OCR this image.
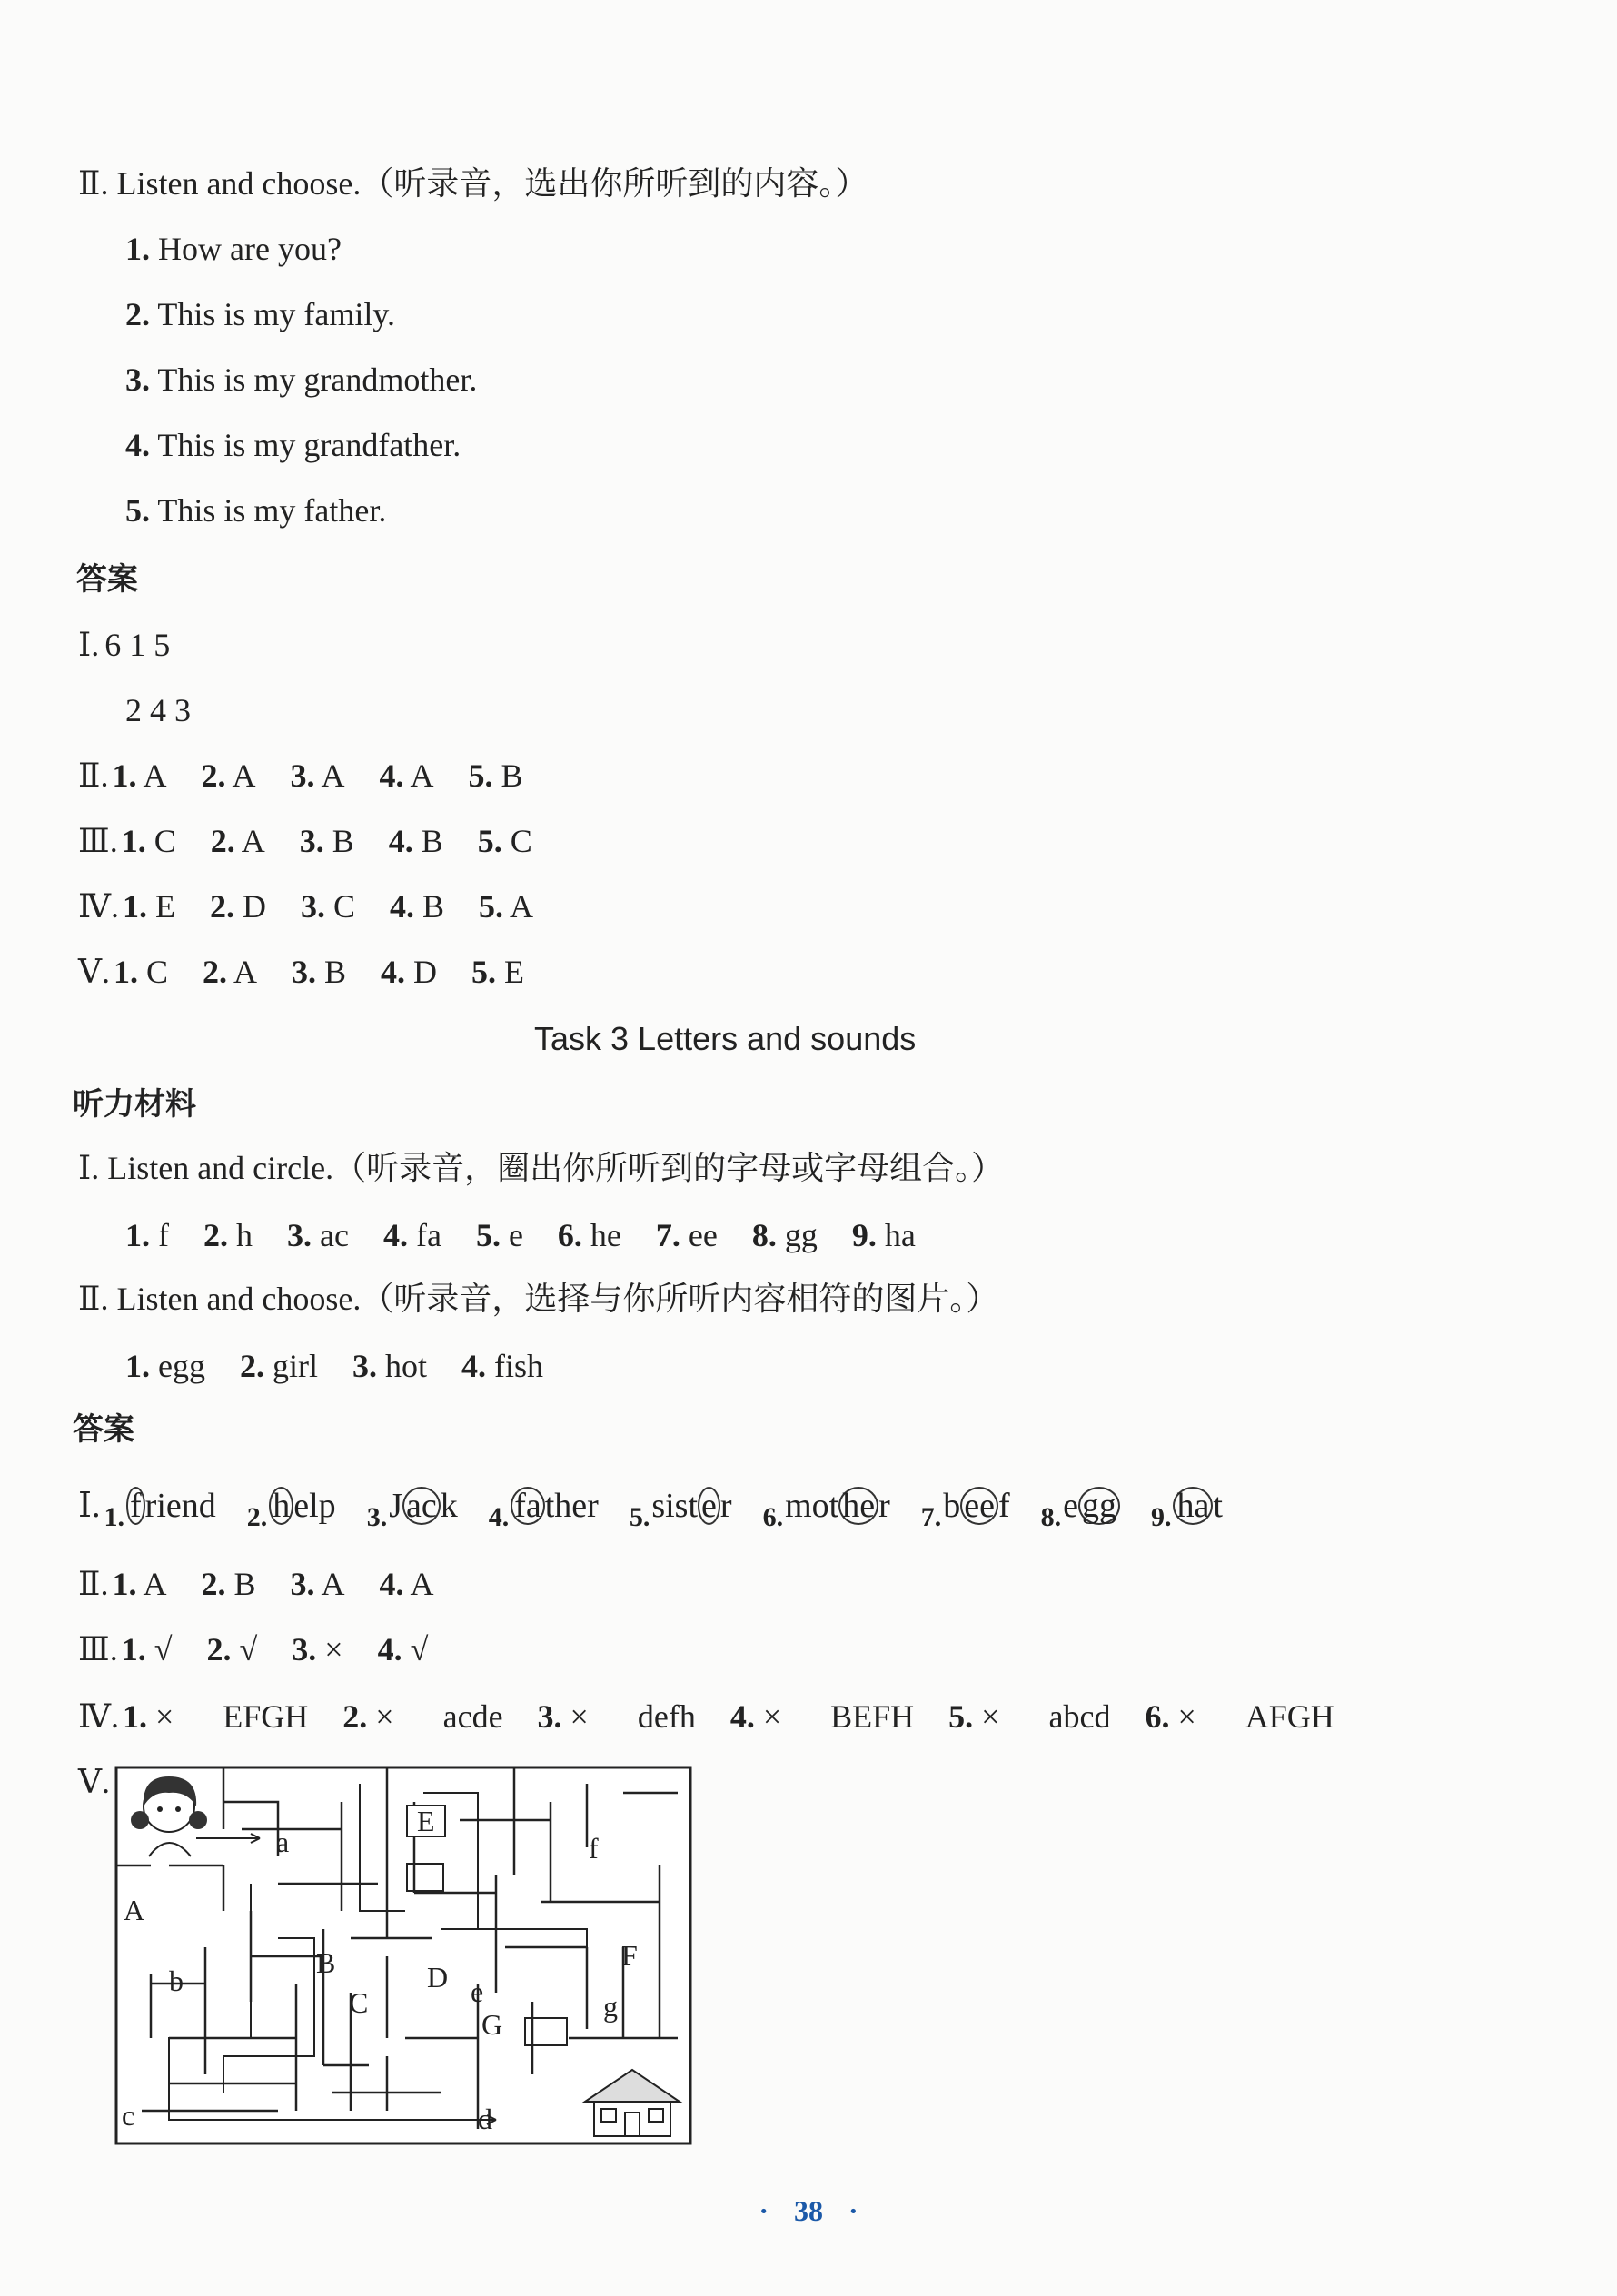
Ⅱ. Listen and choose.（听录音，选出你所听到的内容。）
1. How are you?
2. This is my family.
3. This is my grandmother.
4. This is my grandfather.
5. This is my father.
答案
Ⅰ. 6 1 5
2 4 3
Ⅱ. 1. A 2. A 3. A 4. A 5. B
Ⅲ. 1. C 2. A 3. B 4. B 5. C
Ⅳ. 1. E 2. D 3. C 4. B 5. A
Ⅴ. 1. C 2. A 3. B 4. D 5. E
Task 3 Letters and sounds
听力材料
Ⅰ. Listen and circle.（听录音，圈出你所听到的字母或字母组合。）
1. f 2. h 3. ac 4. fa 5. e 6. he 7. ee 8. gg 9. ha
Ⅱ. Listen and choose.（听录音，选择与你所听内容相符的图片。）
1. egg 2. girl 3. hot 4. fish
答案
Ⅰ. $_{1.}$ f riend $_{2.}$ h elp $_{3.}$J ac k $_{4.}$ fa ther $_{5.}$sist e r $_{6.}$mot he r $_{7.}$b ee f $_{8.}$e gg $_{9.}$ ha t
Ⅱ. 1. A 2. B 3. A 4. A
Ⅲ. 1. √ 2. √ 3. × 4. √
Ⅳ. 1. × EFGH 2. × acde 3. × defh 4. × BEFH 5. × abcd 6. × AFGH
Ⅴ.
A
a
B
b
C
c
D
d
E
e
F
f
G
g
· 38 ·
